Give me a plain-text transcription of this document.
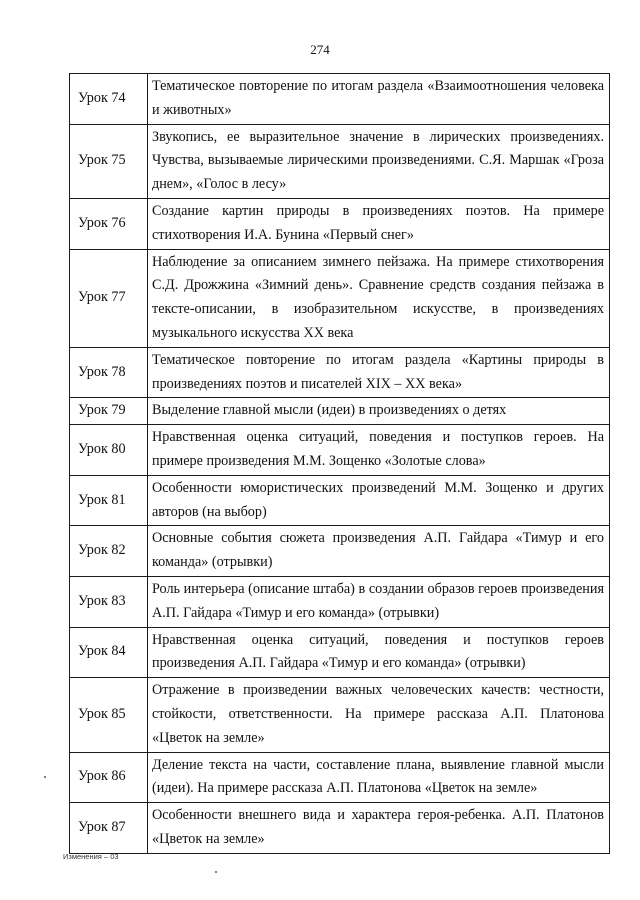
274
Урок 74	Тематическое повторение по итогам раздела «Взаимоотношения человека и животных»
Урок 75	Звукопись, ее выразительное значение в лирических произведениях. Чувства, вызываемые лирическими произведениями. С.Я. Маршак «Гроза днем», «Голос в лесу»
Урок 76	Создание картин природы в произведениях поэтов. На примере стихотворения И.А. Бунина «Первый снег»
Урок 77	Наблюдение за описанием зимнего пейзажа. На примере стихотворения С.Д. Дрожжина «Зимний день». Сравнение средств создания пейзажа в тексте-описании, в изобразительном искусстве, в произведениях музыкального искусства XX века
Урок 78	Тематическое повторение по итогам раздела «Картины природы в произведениях поэтов и писателей XIX – XX века»
Урок 79	Выделение главной мысли (идеи) в произведениях о детях
Урок 80	Нравственная оценка ситуаций, поведения и поступков героев. На примере произведения М.М. Зощенко «Золотые слова»
Урок 81	Особенности юмористических произведений М.М. Зощенко и других авторов (на выбор)
Урок 82	Основные события сюжета произведения А.П. Гайдара «Тимур и его команда» (отрывки)
Урок 83	Роль интерьера (описание штаба) в создании образов героев произведения А.П. Гайдара «Тимур и его команда» (отрывки)
Урок 84	Нравственная оценка ситуаций, поведения и поступков героев произведения А.П. Гайдара «Тимур и его команда» (отрывки)
Урок 85	Отражение в произведении важных человеческих качеств: честности, стойкости, ответственности. На примере рассказа А.П. Платонова «Цветок на земле»
Урок 86	Деление текста на части, составление плана, выявление главной мысли (идеи). На примере рассказа А.П. Платонова «Цветок на земле»
Урок 87	Особенности внешнего вида и характера героя-ребенка. А.П. Платонов «Цветок на земле»
Изменения – 03
